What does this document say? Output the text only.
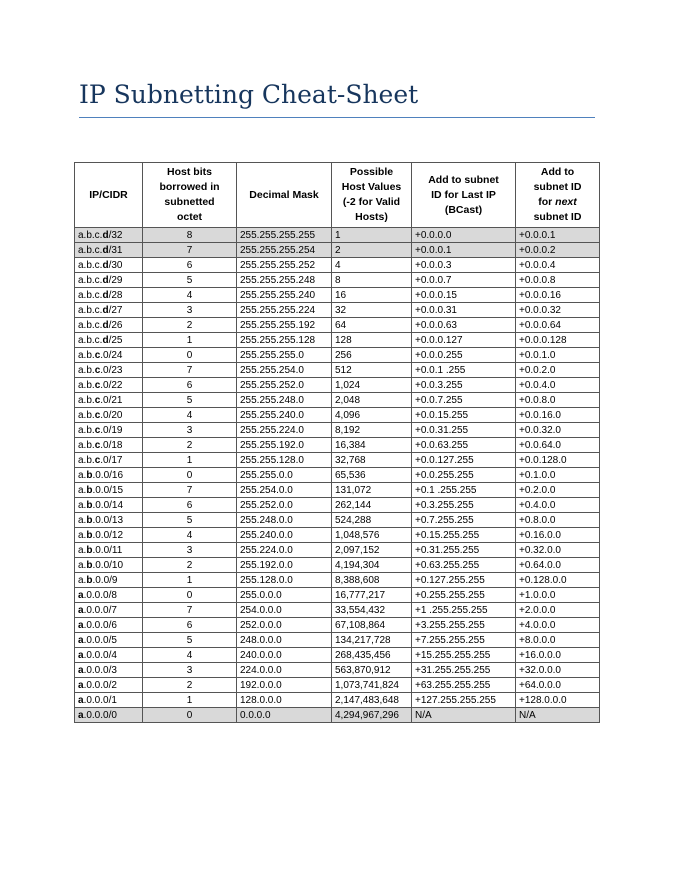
IP Subnetting Cheat-Sheet
IP/CIDR	Host bits
borrowed in
subnetted
octet	Decimal Mask	Possible
Host Values
(-2 for Valid
Hosts)	Add to subnet
ID for Last IP
(BCast)	Add to
subnet ID
for next
subnet ID
a.b.c.d/32	8	255.255.255.255	1	+0.0.0.0	+0.0.0.1
a.b.c.d/31	7	255.255.255.254	2	+0.0.0.1	+0.0.0.2
a.b.c.d/30	6	255.255.255.252	4	+0.0.0.3	+0.0.0.4
a.b.c.d/29	5	255.255.255.248	8	+0.0.0.7	+0.0.0.8
a.b.c.d/28	4	255.255.255.240	16	+0.0.0.15	+0.0.0.16
a.b.c.d/27	3	255.255.255.224	32	+0.0.0.31	+0.0.0.32
a.b.c.d/26	2	255.255.255.192	64	+0.0.0.63	+0.0.0.64
a.b.c.d/25	1	255.255.255.128	128	+0.0.0.127	+0.0.0.128
a.b.c.0/24	0	255.255.255.0	256	+0.0.0.255	+0.0.1.0
a.b.c.0/23	7	255.255.254.0	512	+0.0.1 .255	+0.0.2.0
a.b.c.0/22	6	255.255.252.0	1,024	+0.0.3.255	+0.0.4.0
a.b.c.0/21	5	255.255.248.0	2,048	+0.0.7.255	+0.0.8.0
a.b.c.0/20	4	255.255.240.0	4,096	+0.0.15.255	+0.0.16.0
a.b.c.0/19	3	255.255.224.0	8,192	+0.0.31.255	+0.0.32.0
a.b.c.0/18	2	255.255.192.0	16,384	+0.0.63.255	+0.0.64.0
a.b.c.0/17	1	255.255.128.0	32,768	+0.0.127.255	+0.0.128.0
a.b.0.0/16	0	255.255.0.0	65,536	+0.0.255.255	+0.1.0.0
a.b.0.0/15	7	255.254.0.0	131,072	+0.1 .255.255	+0.2.0.0
a.b.0.0/14	6	255.252.0.0	262,144	+0.3.255.255	+0.4.0.0
a.b.0.0/13	5	255.248.0.0	524,288	+0.7.255.255	+0.8.0.0
a.b.0.0/12	4	255.240.0.0	1,048,576	+0.15.255.255	+0.16.0.0
a.b.0.0/11	3	255.224.0.0	2,097,152	+0.31.255.255	+0.32.0.0
a.b.0.0/10	2	255.192.0.0	4,194,304	+0.63.255.255	+0.64.0.0
a.b.0.0/9	1	255.128.0.0	8,388,608	+0.127.255.255	+0.128.0.0
a.0.0.0/8	0	255.0.0.0	16,777,217	+0.255.255.255	+1.0.0.0
a.0.0.0/7	7	254.0.0.0	33,554,432	+1 .255.255.255	+2.0.0.0
a.0.0.0/6	6	252.0.0.0	67,108,864	+3.255.255.255	+4.0.0.0
a.0.0.0/5	5	248.0.0.0	134,217,728	+7.255.255.255	+8.0.0.0
a.0.0.0/4	4	240.0.0.0	268,435,456	+15.255.255.255	+16.0.0.0
a.0.0.0/3	3	224.0.0.0	563,870,912	+31.255.255.255	+32.0.0.0
a.0.0.0/2	2	192.0.0.0	1,073,741,824	+63.255.255.255	+64.0.0.0
a.0.0.0/1	1	128.0.0.0	2,147,483,648	+127.255.255.255	+128.0.0.0
a.0.0.0/0	0	0.0.0.0	4,294,967,296	N/A	N/A
